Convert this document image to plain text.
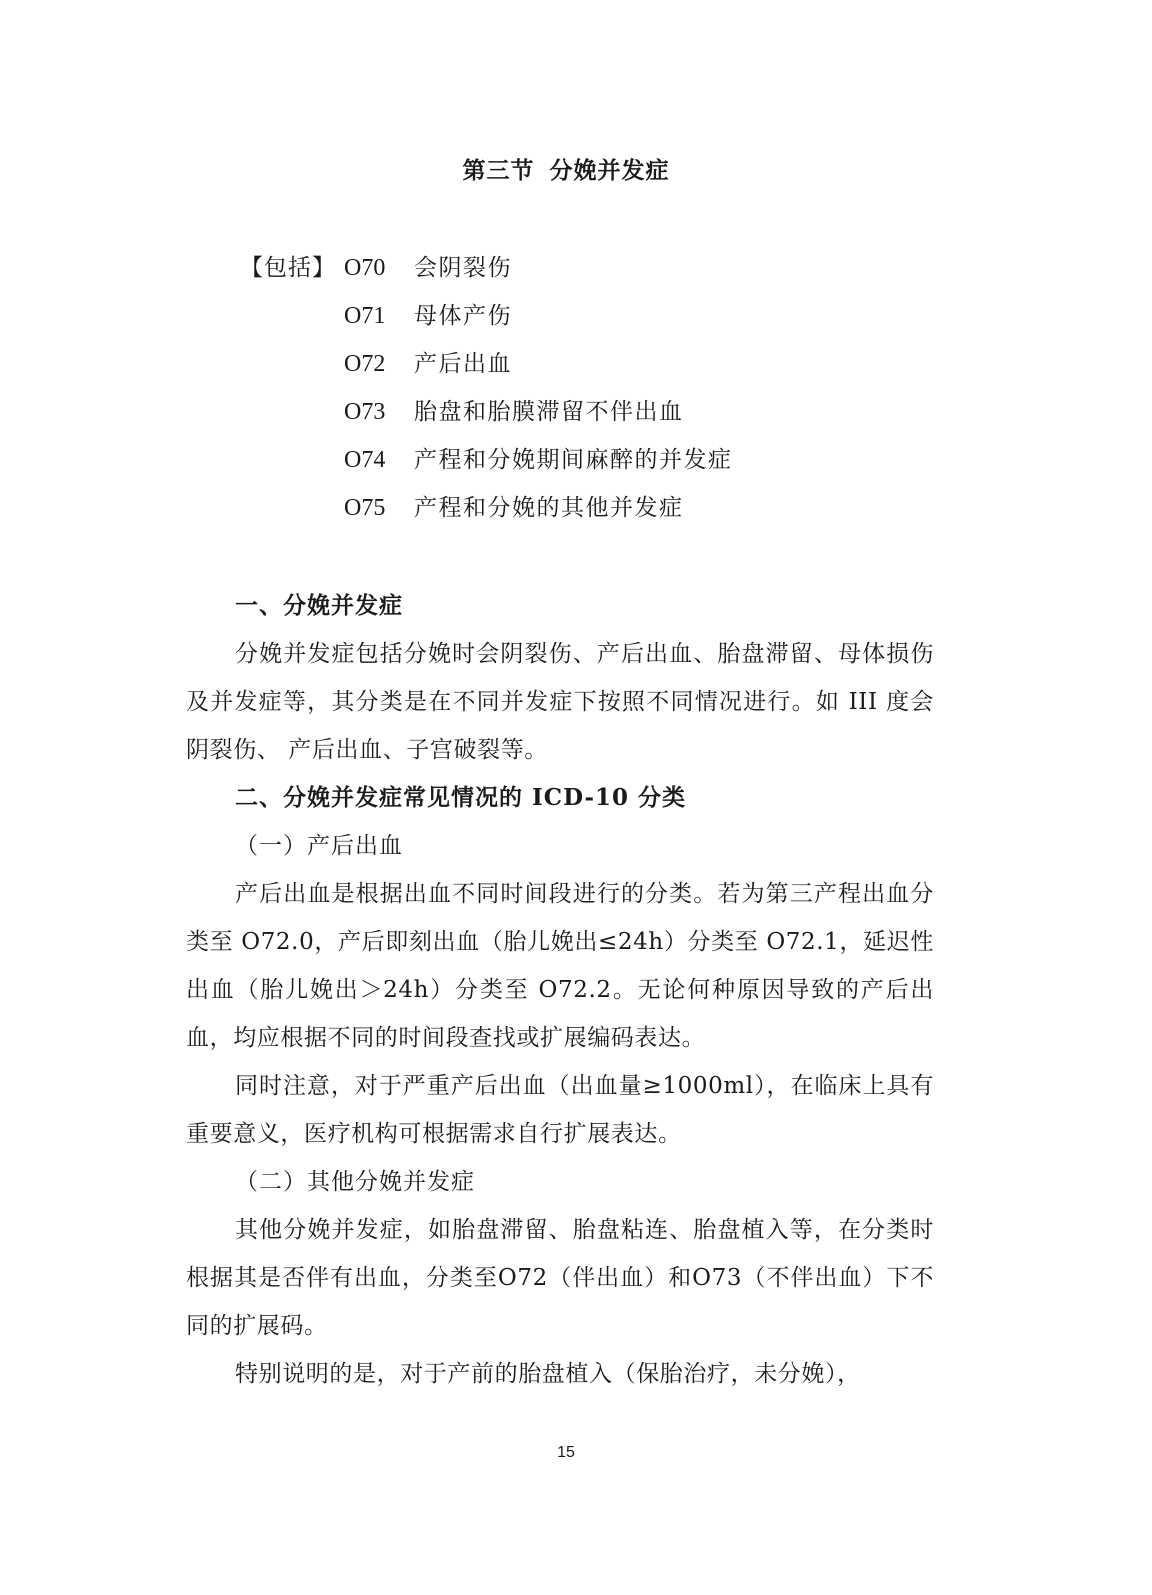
第三节 分娩并发症
【包括】 O70 会阴裂伤
O71 母体产伤
O72 产后出血
O73 胎盘和胎膜滞留不伴出血
O74 产程和分娩期间麻醉的并发症
O75 产程和分娩的其他并发症
一、分娩并发症

分娩并发症包括分娩时会阴裂伤、产后出血、胎盘滞留、母体损伤及并发症等，其分类是在不同并发症下按照不同情况进行。如 III 度会阴裂伤、 产后出血、子宫破裂等。

二、分娩并发症常见情况的 ICD-10 分类
（一）产后出血

产后出血是根据出血不同时间段进行的分类。若为第三产程出血分类至 O72.0，产后即刻出血（胎儿娩出≤24h）分类至 O72.1，延迟性出血（胎儿娩出＞24h）分类至 O72.2。无论何种原因导致的产后出血，均应根据不同的时间段查找或扩展编码表达。

同时注意，对于严重产后出血（出血量≥1000ml），在临床上具有重要意义，医疗机构可根据需求自行扩展表达。

（二）其他分娩并发症

其他分娩并发症，如胎盘滞留、胎盘粘连、胎盘植入等，在分类时根据其是否伴有出血，分类至O72（伴出血）和O73（不伴出血）下不同的扩展码。

特别说明的是，对于产前的胎盘植入（保胎治疗，未分娩），

15
